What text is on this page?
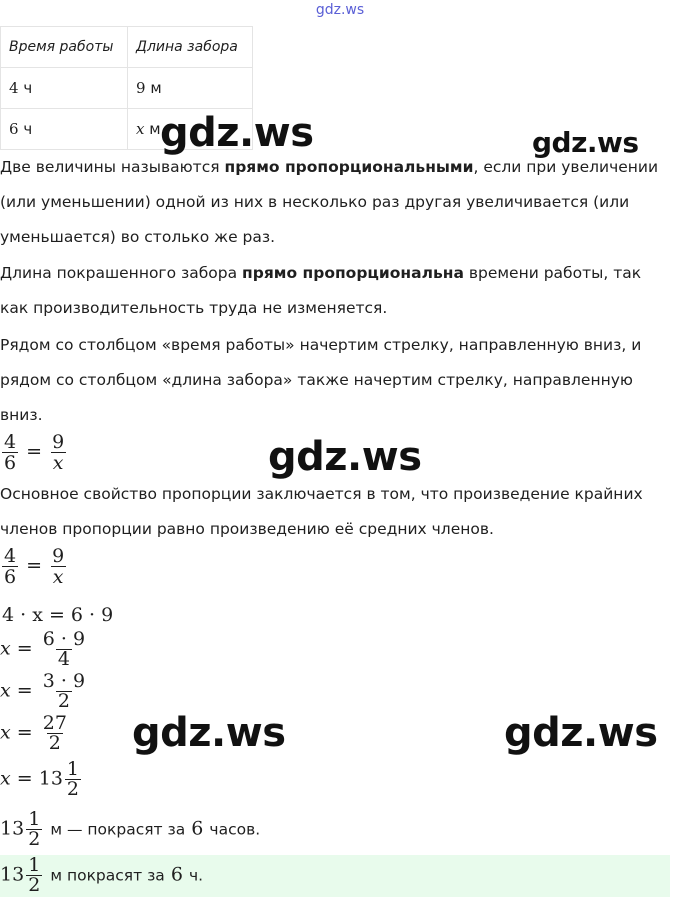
gdz.ws
Время работы	Длина забора
4 ч	9 м
6 ч	x м gdz.ws	gdz.ws
Две величины называются прямо пропорциональными, если при увеличении
(или уменьшении) одной из них в несколько раз другая увеличивается (или
уменьшается) во столько же раз.
Длина покрашенного забора прямо пропорциональна времени работы, так
как производительность труда не изменяется.
Рядом со столбцом «время работы» начертим стрелку, направленную вниз, и
рядом со столбцом «длина забора» также начертим стрелку, направленную
вниз.
$\frac{4}{6} = \frac{9}{x}$	gdz.ws
Основное свойство пропорции заключается в том, что произведение крайних
членов пропорции равно произведению её средних членов.
$\frac{4}{6} = \frac{9}{x}$
4 · x = 6 · 9
$x = \frac{6 \cdot 9}{4}$
$x = \frac{3 \cdot 9}{2}$
$x = \frac{27}{2} gdz.ws$	gdz.ws
$x = 13 \frac{1}{2}$
$13 \frac{1}{2}$ м — покрасят за 6 часов.
$13 \frac{1}{2}$ м покрасят за 6 ч.
